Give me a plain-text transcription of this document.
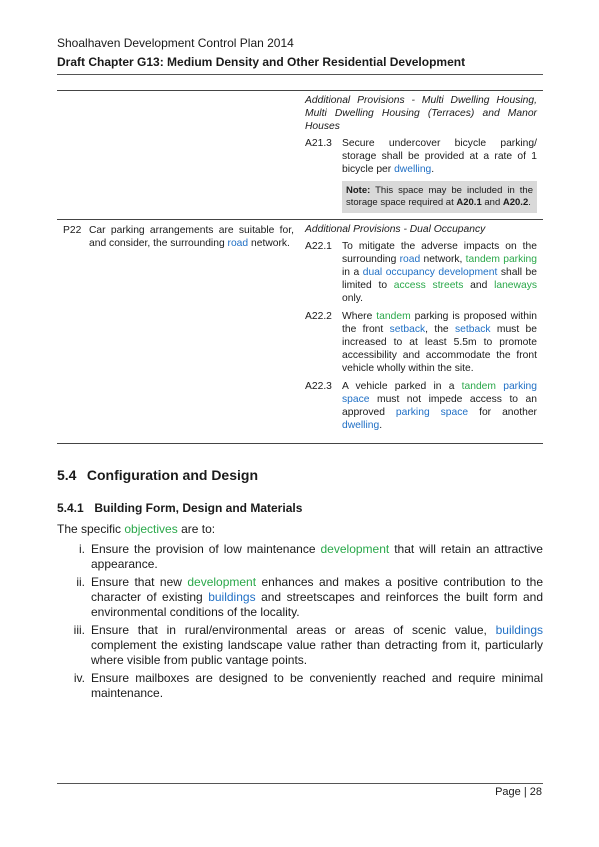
Shoalhaven Development Control Plan 2014
Draft Chapter G13: Medium Density and Other Residential Development
Additional Provisions - Multi Dwelling Housing, Multi Dwelling Housing (Terraces) and Manor Houses
A21.3 Secure undercover bicycle parking/ storage shall be provided at a rate of 1 bicycle per dwelling.
Note: This space may be included in the storage space required at A20.1 and A20.2.
P22 Car parking arrangements are suitable for, and consider, the surrounding road network.
Additional Provisions - Dual Occupancy
A22.1 To mitigate the adverse impacts on the surrounding road network, tandem parking in a dual occupancy development shall be limited to access streets and laneways only.
A22.2 Where tandem parking is proposed within the front setback, the setback must be increased to at least 5.5m to promote accessibility and accommodate the front vehicle wholly within the site.
A22.3 A vehicle parked in a tandem parking space must not impede access to an approved parking space for another dwelling.
5.4 Configuration and Design
5.4.1 Building Form, Design and Materials
The specific objectives are to:
i. Ensure the provision of low maintenance development that will retain an attractive appearance.
ii. Ensure that new development enhances and makes a positive contribution to the character of existing buildings and streetscapes and reinforces the built form and environmental conditions of the locality.
iii. Ensure that in rural/environmental areas or areas of scenic value, buildings complement the existing landscape value rather than detracting from it, particularly where visible from public vantage points.
iv. Ensure mailboxes are designed to be conveniently reached and require minimal maintenance.
Page | 28
